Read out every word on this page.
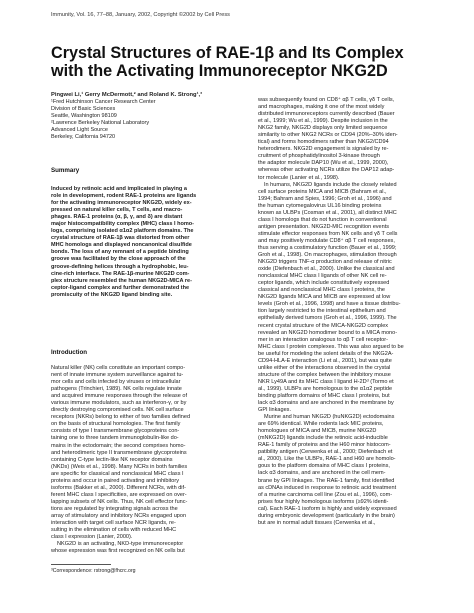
Immunity, Vol. 16, 77–88, January, 2002, Copyright ©2002 by Cell Press
Crystal Structures of RAE-1β and Its Complex
with the Activating Immunoreceptor NKG2D
Pingwei Li,¹ Gerry McDermott,² and Roland K. Strong¹,³
¹Fred Hutchinson Cancer Research Center
Division of Basic Sciences
Seattle, Washington 98109
²Lawrence Berkeley National Laboratory
Advanced Light Source
Berkeley, California 94720
Summary
Induced by retinoic acid and implicated in playing a
role in development, rodent RAE-1 proteins are ligands
for the activating immunoreceptor NKG2D, widely ex-
pressed on natural killer cells, T cells, and macro-
phages. RAE-1 proteins (α, β, γ, and δ) are distant
major histocompatibility complex (MHC) class I homo-
logs, comprising isolated α1α2 platform domains. The
crystal structure of RAE-1β was distorted from other
MHC homologs and displayed noncanonical disulfide
bonds. The loss of any remnant of a peptide binding
groove was facilitated by the close approach of the
groove-defining helices through a hydrophobic, leu-
cine-rich interface. The RAE-1β-murine NKG2D com-
plex structure resembled the human NKG2D-MICA re-
ceptor-ligand complex and further demonstrated the
promiscuity of the NKG2D ligand binding site.
Introduction
Natural killer (NK) cells constitute an important compo-
nent of innate immune system surveillance against tu-
mor cells and cells infected by viruses or intracellular
pathogens (Trinchieri, 1989). NK cells regulate innate
and acquired immune responses through the release of
various immune modulators, such as interferon-γ, or by
directly destroying compromised cells. NK cell surface
receptors (NKRs) belong to either of two families defined
on the basis of structural homologies. The first family
consists of type I transmembrane glycoproteins con-
taining one to three tandem immunoglobulin-like do-
mains in the ectodomain; the second comprises homo-
and heterodimeric type II transmembrane glycoproteins
containing C-type lectin-like NK receptor domains
(NKDs) (Weis et al., 1998). Many NCRs in both families
are specific for classical and nonclassical MHC class I
proteins and occur in paired activating and inhibitory
isoforms (Bakker et al., 2000). Different NCRs, with dif-
ferent MHC class I specificities, are expressed on over-
lapping subsets of NK cells. Thus, NK cell effector func-
tions are regulated by integrating signals across the
array of stimulatory and inhibitory NCRs engaged upon
interaction with target cell surface NCR ligands, re-
sulting in the elimination of cells with reduced MHC
class I expression (Lanier, 2000).
NKG2D is an activating, NKD-type immunoreceptor
whose expression was first recognized on NK cells but
³Correspondence: rstrong@fhcrc.org
was subsequently found on CD8⁺ αβ T cells, γδ T cells,
and macrophages, making it one of the most widely
distributed immunoreceptors currently described (Bauer
et al., 1999; Wu et al., 1999). Despite inclusion in the
NKG2 family, NKG2D displays only limited sequence
similarity to other NKG2 NCRs or CD94 (20%–30% iden-
tical) and forms homodimers rather than NKG2/CD94
heterodimers. NKG2D engagement is signaled by re-
cruitment of phosphatidylinositol 3-kinase through
the adaptor molecule DAP10 (Wu et al., 1999, 2000),
whereas other activating NCRs utilize the DAP12 adap-
tor molecule (Lanier et al., 1998).
In humans, NKG2D ligands include the closely related
cell surface proteins MICA and MICB (Bahram et al.,
1994; Bahram and Spies, 1996; Groh et al., 1996) and
the human cytomegalovirus UL16 binding proteins
known as ULBPs (Cosman et al., 2001), all distinct MHC
class I homologs that do not function in conventional
antigen presentation. NKG2D-MIC recognition events
stimulate effector responses from NK cells and γδ T cells
and may positively modulate CD8⁺ αβ T cell responses,
thus serving a costimulatory function (Bauer et al., 1999;
Groh et al., 1998). On macrophages, stimulation through
NKG2D triggers TNF-α production and release of nitric
oxide (Diefenbach et al., 2000). Unlike the classical and
nonclassical MHC class I ligands of other NK cell re-
ceptor ligands, which include constitutively expressed
classical and nonclassical MHC class I proteins, the
NKG2D ligands MICA and MICB are expressed at low
levels (Groh et al., 1996, 1998) and have a tissue distribu-
tion largely restricted to the intestinal epithelium and
epithelially derived tumors (Groh et al., 1996, 1999). The
recent crystal structure of the MICA-NKG2D complex
revealed an NKG2D homodimer bound to a MICA mono-
mer in an interaction analogous to αβ T cell receptor-
MHC class I protein complexes. This was also argued to be
be useful for modeling the solent details of the NKG2A-
CD94-HLA-E interaction (Li et al., 2001), but was quite
unlike either of the interactions observed in the crystal
structure of the complex between the inhibitory mouse
NKR Ly49A and its MHC class I ligand H-2Dᵈ (Tormo et
al., 1999). ULBPs are homologous to the α1α2 peptide
binding platform domains of MHC class I proteins, but
lack α3 domains and are anchored in the membrane by
GPI linkages.
Murine and human NKG2D (huNKG2D) ectodomains
are 69% identical. While rodents lack MIC proteins,
homologues of MICA and MICB, murine NKG2D
(mNKG2D) ligands include the retinoic acid-inducible
RAE-1 family of proteins and the H60 minor histocom-
patibility antigen (Cerwenka et al., 2000; Diefenbach et
al., 2000). Like the ULBPs, RAE-1 and H60 are homolo-
gous to the platform domains of MHC class I proteins,
lack α3 domains, and are anchored in the cell mem-
brane by GPI linkages. The RAE-1 family, first identified
as cDNAs induced in response to retinoic acid treatment
of a murine carcinoma cell line (Zou et al., 1996), com-
prises four highly homologous isoforms (≥92% identi-
cal). Each RAE-1 isoform is highly and widely expressed
during embryonic development (particularly in the brain)
but are in normal adult tissues (Cerwenka et al.,
